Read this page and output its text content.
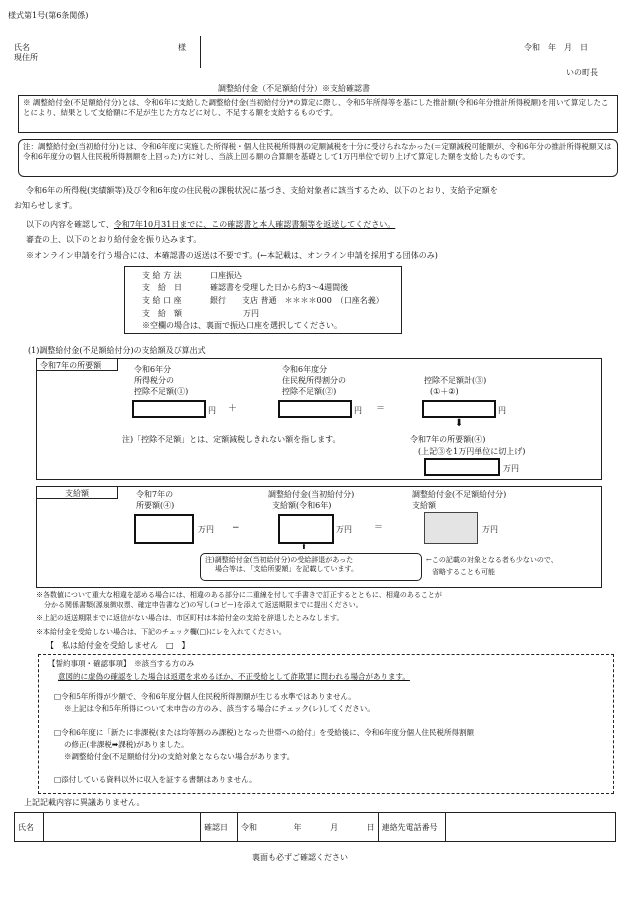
様式第1号(第6条関係)
氏名	様
現住所
令和　年　月　日
いの町長
調整給付金（不足額給付分）※支給確認書
※ 調整給付金(不足額給付分)とは、令和6年に支給した調整給付金(当初給付分)*の算定に際し、令和5年所得等を基にした推計額(令和6年分推計所得税額)を用いて算定したことにより、結果として支給額に不足が生じた方などに対し、不足する額を支給するものです。
注：調整給付金(当初給付分)とは、令和6年度に実施した所得税・個人住民税所得割の定額減税を十分に受けられなかった(＝定額減税可能額が、令和6年分の推計所得税額又は令和6年度分の個人住民税所得割額を上回った)方に対し、当該上回る額の合算額を基礎として1万円単位で切り上げて算定した額を支給したものです。
令和6年の所得税(実績額等)及び令和6年度の住民税の課税状況に基づき、支給対象者に該当するため、以下のとおり、支給予定額を
お知らせします。
以下の内容を確認して、令和7年10月31日までに、この確認書と本人確認書類等を返送してください。
審査の上、以下のとおり給付金を振り込みます。
※オンライン申請を行う場合には、本確認書の返送は不要です。(←本記載は、オンライン申請を採用する団体のみ)
支 給 方 法	口座振込
支　給　日	確認書を受理した日から約3～4週間後
支 給 口 座	銀行　　支店 普通　＊＊＊＊000　（口座名義）
支　給　額	万円
※空欄の場合は、裏面で振込口座を選択してください。
(1)調整給付金(不足額給付分)の支給額及び算出式
令和7年の所要額	令和6年分
所得税分の
控除不足額(①)
円 ＋
令和6年度分
住民税所得割分の
控除不足額(②)
円 ＝
控除不足額計(③)
(①＋②)
円
⬇
注)「控除不足額」とは、定額減税しきれない額を指します。	令和7年の所要額(④)
(上記③を1万円単位に切上げ)
万円
支給額	令和7年の
所要額(④)
万円 −
調整給付金(当初給付分)
支給額(令和6年)
万円 ＝
⬆
調整給付金(不足額給付分)
支給額
万円
注)調整給付金(当初給付分)の受給辞退があった
場合等は、「支給所要額」を記載しています。
←この記載の対象となる者も少ないので、
省略することも可能
※各数値について重大な相違を認める場合には、相違のある部分に二重線を付して手書きで訂正するとともに、相違のあることが
分かる関係書類(源泉徴収票、確定申告書など)の写し(コピー)を添えて返送期限までに提出ください。
※上記の返送期限までに返信がない場合は、市区町村は本給付金の支給を辞退したとみなします。
※本給付金を受給しない場合は、下記のチェック欄(□)にレを入れてください。
【　私は給付金を受給しません　□　】
【誓約事項・確認事項】　 ※該当する方のみ
意図的に虚偽の確認をした場合は返還を求めるほか、不正受給として詐欺罪に問われる場合があります。
□令和5年所得が少額で、令和6年度分個人住民税所得割額が生じる水準ではありません。
※上記は令和5年所得について未申告の方のみ、該当する場合にチェック(レ)してください。
□令和6年度に「新たに非課税(または均等割のみ課税)となった世帯への給付」を受給後に、令和6年度分個人住民税所得割額
の修正(非課税➡課税)がありました。
※調整給付金(不足額給付分)の支給対象とならない場合があります。
□添付している資料以外に収入を証する書類はありません。
上記記載内容に異議ありません。
氏名		確認日	令和	年	月	日	連絡先電話番号	
裏面も必ずご確認ください
